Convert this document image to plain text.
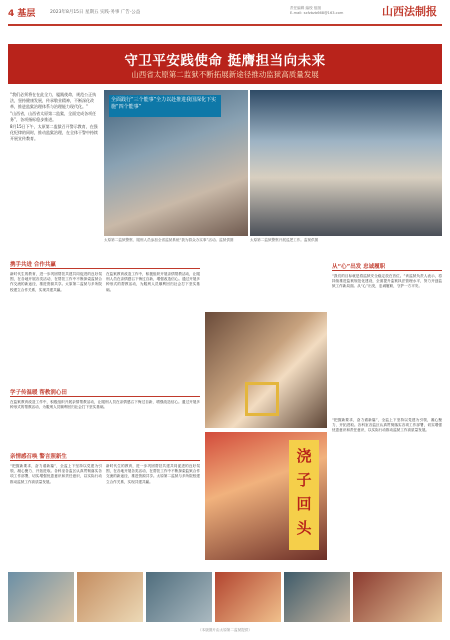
4 基层	2023年8月15日 星期五 实践·务事 广告·公益
责任编辑 编校 组版
E-mail: sxfzbzb668@163.com	山西法制报
守卫平安践使命 挺膺担当向未来
山西省太原第二监狱不断拓展新途径推动监狱高质量发展

“我们必须将在在此全力，履践使命，规范公正执法，坚持健康发展，传承敬业精神，不断深化改革，推进监狱治理体系与治理能力现代化。”

“山西省，山西省太原第二监狱，全面完成各项任务”，各项指标稳步推进。

8月15日下午，太原第二监狱召开警示教育，在强化纪律的同时，推动监狱治理，在全体干警中持续开展宣传教育。

全面践行“三个能事”全力以赴推进我国深化下实施“四个能事”
太原第二监狱警察、服刑人员参加全省监狱系统“我为群众办实事”活动。监狱供图	太原第二监狱警察开展巡逻工作。监狱供图
携手共进 合作共赢
新时代生的教育，进一步巩固帮扶共建共同促进的良好氛围，在各地开展各类活动，在帮扶工作中不断探索监狱合作交流的新途径，推进资源共享。太原第二监狱与多所院校建立合作关系，实现共建共赢。
在监狱教育改造工作中，积极组织开展亲情帮教活动，让服刑人员在亲情感召下悔过自新，增强改造信心。通过开展多种形式的帮教活动，为服刑人员顺利回归社会打下坚实基础。
学子传温暖 帮教润心田
在监狱教育改造工作中，积极组织开展亲情帮教活动，让服刑人员在亲情感召下悔过自新，增强改造信心。通过开展多种形式的帮教活动，为服刑人员顺利回归社会打下坚实基础。
亲情感召唤 警言照新生
“把握新要求，奋力谱新篇”，全监上下坚持以党建为引领，凝心聚力、开拓进取。各科室各监区认真贯彻落实各项工作部署，切实增强忧患意识和责任意识，以实际行动推动监狱工作高质量发展。
新时代生的教育，进一步巩固帮扶共建共同促进的良好氛围，在各地开展各类活动，在帮扶工作中不断探索监狱合作交流的新途径，推进资源共享。太原第二监狱与多所院校建立合作关系，实现共建共赢。
浇子回头
从“心”出发 忠诚履职
“我们的目标就是将监狱安全稳定放在首位。”该监狱负责人表示，将持续推进监狱规范化建设，全面提升监狱执法管理水平，努力开创监狱工作新局面。从“心”出发，忠诚履职，守护一方平安。
“把握新要求，奋力谱新篇”，全监上下坚持以党建为引领，凝心聚力、开拓进取。各科室各监区认真贯彻落实各项工作部署，切实增强忧患意识和责任意识，以实际行动推动监狱工作高质量发展。
（本版图片由太原第二监狱提供）
